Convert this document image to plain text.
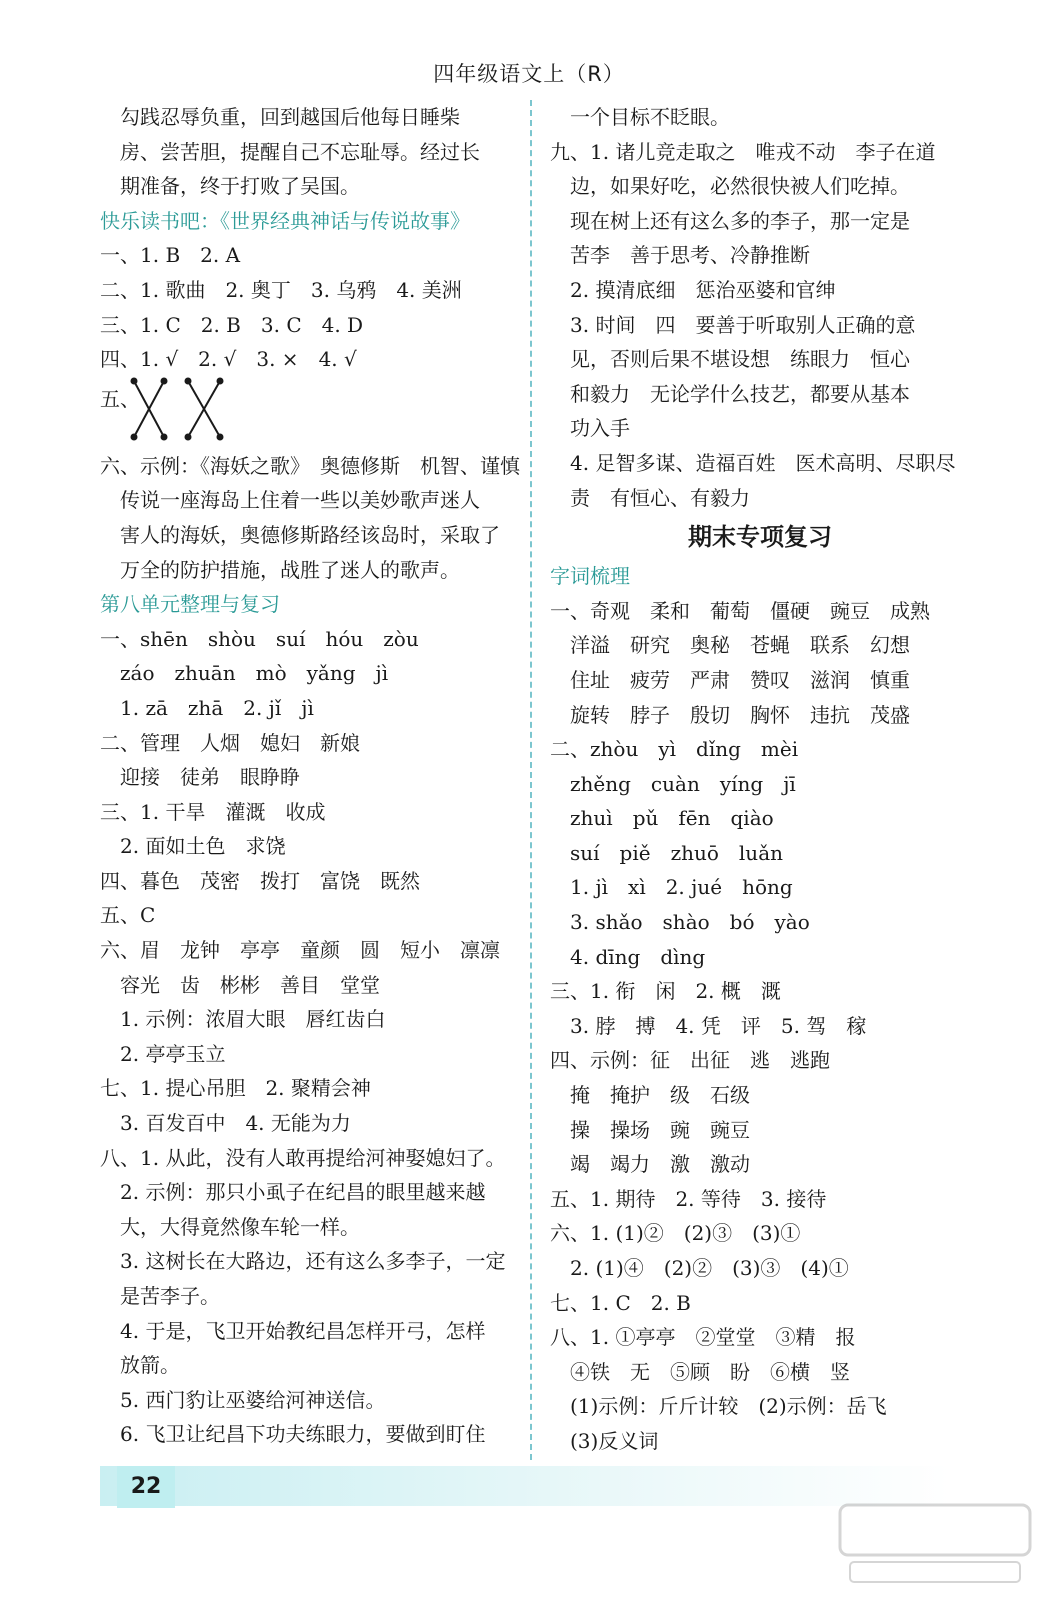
四年级语文上（R）
　勾践忍辱负重，回到越国后他每日睡柴
　房、尝苦胆，提醒自己不忘耻辱。经过长
　期准备，终于打败了吴国。
快乐读书吧：《世界经典神话与传说故事》
一、1. B　2. A
二、1. 歌曲　2. 奥丁　3. 乌鸦　4. 美洲
三、1. C　2. B　3. C　4. D
四、1. √　2. √　3. ×　4. √
五、
六、示例：《海妖之歌》　奥德修斯　机智、谨慎
　传说一座海岛上住着一些以美妙歌声迷人
　害人的海妖，奥德修斯路经该岛时，采取了
　万全的防护措施，战胜了迷人的歌声。
第八单元整理与复习
一、shēn　shòu　suí　hóu　zòu
　záo　zhuān　mò　yǎng　jì
　1. zā　zhā　2. jǐ　jì
二、管理　人烟　媳妇　新娘
　迎接　徒弟　眼睁睁
三、1. 干旱　灌溉　收成
　2. 面如土色　求饶
四、暮色　茂密　拨打　富饶　既然
五、C
六、眉　龙钟　亭亭　童颜　圆　短小　凛凛
　容光　齿　彬彬　善目　堂堂
　1. 示例：浓眉大眼　唇红齿白
　2. 亭亭玉立
七、1. 提心吊胆　2. 聚精会神
　3. 百发百中　4. 无能为力
八、1. 从此，没有人敢再提给河神娶媳妇了。
　2. 示例：那只小虱子在纪昌的眼里越来越
　大，大得竟然像车轮一样。
　3. 这树长在大路边，还有这么多李子，一定
　是苦李子。
　4. 于是，飞卫开始教纪昌怎样开弓，怎样
　放箭。
　5. 西门豹让巫婆给河神送信。
　6. 飞卫让纪昌下功夫练眼力，要做到盯住
　一个目标不眨眼。
九、1. 诸儿竞走取之　唯戎不动　李子在道
　边，如果好吃，必然很快被人们吃掉。
　现在树上还有这么多的李子，那一定是
　苦李　善于思考、冷静推断
　2. 摸清底细　惩治巫婆和官绅
　3. 时间　四　要善于听取别人正确的意
　见，否则后果不堪设想　练眼力　恒心
　和毅力　无论学什么技艺，都要从基本
　功入手
　4. 足智多谋、造福百姓　医术高明、尽职尽
　责　有恒心、有毅力
期末专项复习
字词梳理
一、奇观　柔和　葡萄　僵硬　豌豆　成熟
　洋溢　研究　奥秘　苍蝇　联系　幻想
　住址　疲劳　严肃　赞叹　滋润　慎重
　旋转　脖子　殷切　胸怀　违抗　茂盛
二、zhòu　yì　dǐng　mèi
　zhěng　cuàn　yíng　jī
　zhuì　pǔ　fēn　qiào
　suí　piě　zhuō　luǎn
　1. jì　xì　2. jué　hōng
　3. shǎo　shào　bó　yào
　4. dīng　dìng
三、1. 衔　闲　2. 概　溉
　3. 脖　搏　4. 凭　评　5. 驾　稼
四、示例：征　出征　逃　逃跑
　掩　掩护　级　石级
　操　操场　豌　豌豆
　竭　竭力　激　激动
五、1. 期待　2. 等待　3. 接待
六、1. (1)②　(2)③　(3)①
　2. (1)④　(2)②　(3)③　(4)①
七、1. C　2. B
八、1. ①亭亭　②堂堂　③精　报
　④铁　无　⑤顾　盼　⑥横　竖
　(1)示例：斤斤计较　(2)示例：岳飞
　(3)反义词
22
